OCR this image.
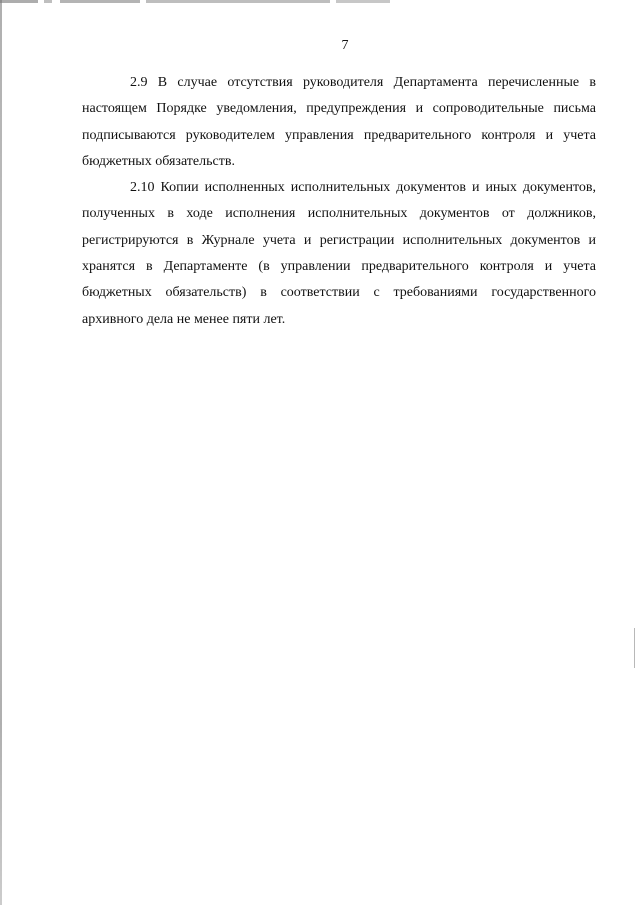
7

2.9 В случае отсутствия руководителя Департамента перечисленные в настоящем Порядке уведомления, предупреждения и сопроводительные письма подписываются руководителем управления предварительного контроля и учета бюджетных обязательств.

2.10 Копии исполненных исполнительных документов и иных документов, полученных в ходе исполнения исполнительных документов от должников, регистрируются в Журнале учета и регистрации исполнительных документов и хранятся в Департаменте (в управлении предварительного контроля и учета бюджетных обязательств) в соответствии с требованиями государственного архивного дела не менее пяти лет.
